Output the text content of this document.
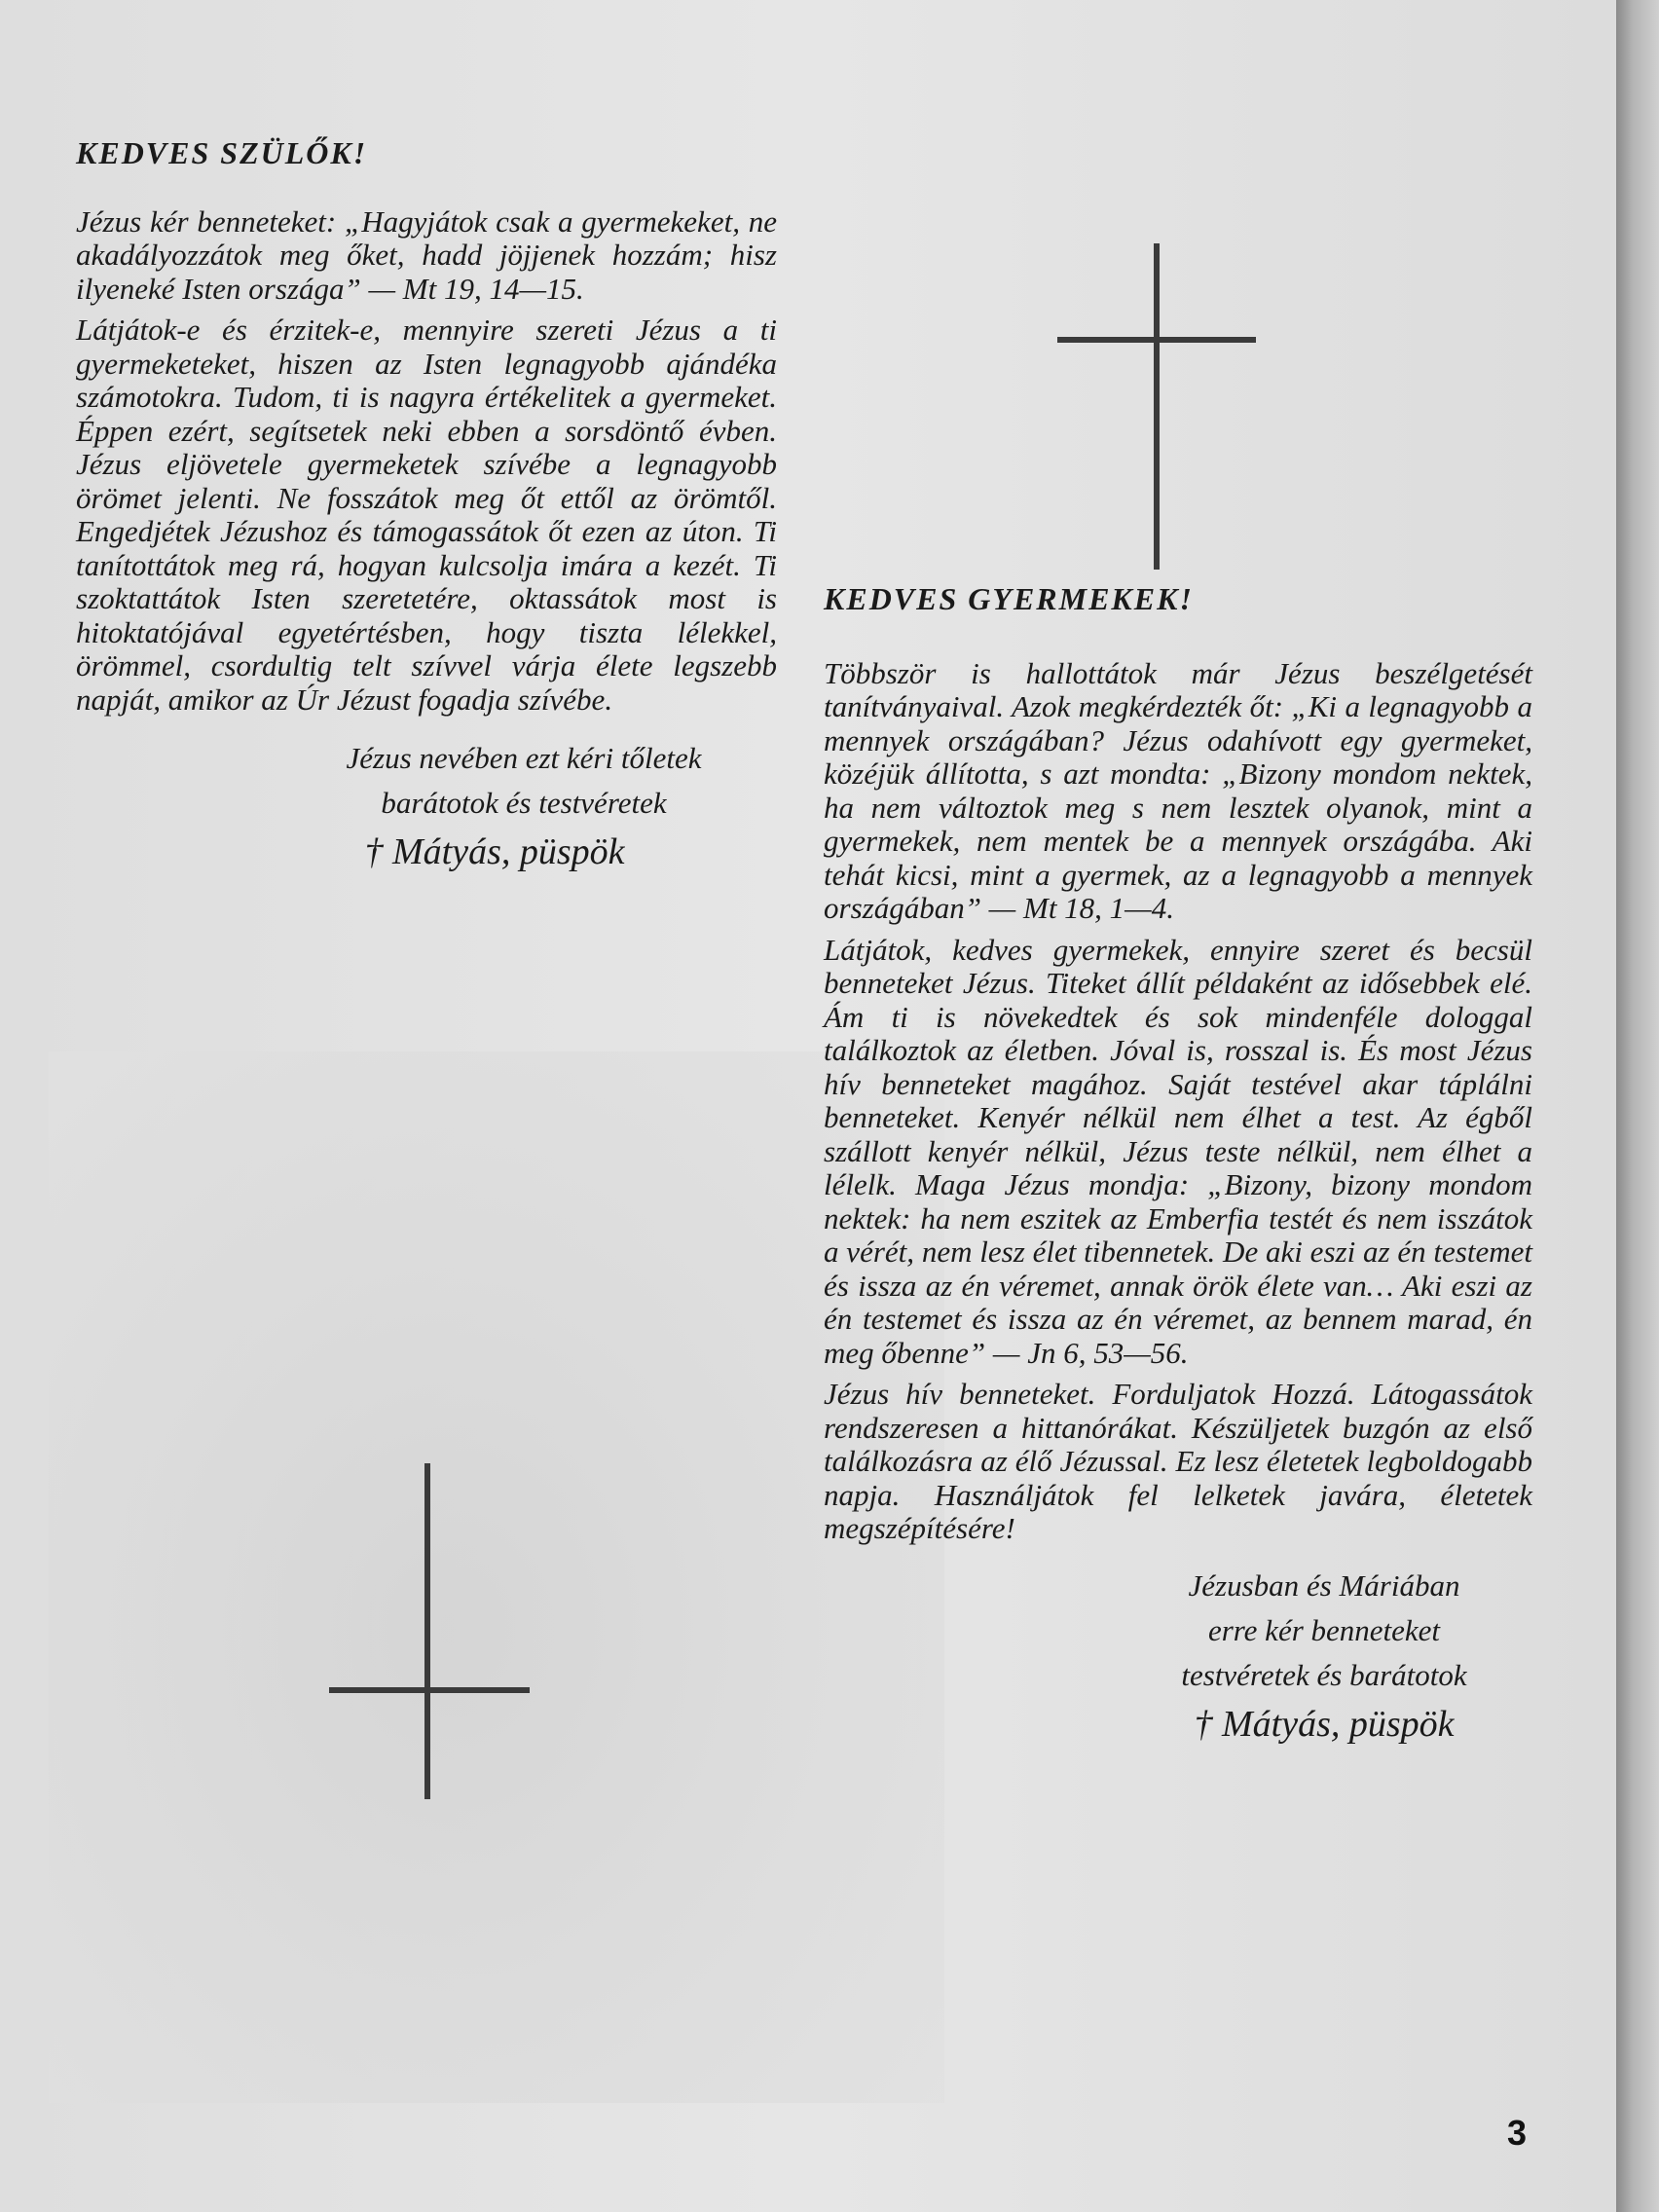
KEDVES SZÜLŐK!

Jézus kér benneteket: „Hagyjátok csak a gyermekeket, ne akadályozzátok meg őket, hadd jöjjenek hozzám; hisz ilyeneké Isten országa” — Mt 19, 14—15.

Látjátok-e és érzitek-e, mennyire szereti Jézus a ti gyermeketeket, hiszen az Isten legnagyobb ajándéka számotokra. Tudom, ti is nagyra értékelitek a gyermeket. Éppen ezért, segítsetek neki ebben a sorsdöntő évben. Jézus eljövetele gyermeketek szívébe a legnagyobb örömet jelenti. Ne fosszátok meg őt ettől az örömtől. Engedjétek Jézushoz és támogassátok őt ezen az úton. Ti tanítottátok meg rá, hogyan kulcsolja imára a kezét. Ti szoktattátok Isten szeretetére, oktassátok most is hitoktatójával egyetértésben, hogy tiszta lélekkel, örömmel, csordultig telt szívvel várja élete legszebb napját, amikor az Úr Jézust fogadja szívébe.

Jézus nevében ezt kéri tőletek

barátotok és testvéretek

† Mátyás, püspök

KEDVES GYERMEKEK!

Többször is hallottátok már Jézus beszélgetését tanítványaival. Azok megkérdezték őt: „Ki a legnagyobb a mennyek országában? Jézus odahívott egy gyermeket, közéjük állította, s azt mondta: „Bizony mondom nektek, ha nem változtok meg s nem lesztek olyanok, mint a gyermekek, nem mentek be a mennyek országába. Aki tehát kicsi, mint a gyermek, az a legnagyobb a mennyek országában” — Mt 18, 1—4.

Látjátok, kedves gyermekek, ennyire szeret és becsül benneteket Jézus. Titeket állít példaként az idősebbek elé. Ám ti is növekedtek és sok mindenféle dologgal találkoztok az életben. Jóval is, rosszal is. És most Jézus hív benneteket magához. Saját testével akar táplálni benneteket. Kenyér nélkül nem élhet a test. Az égből szállott kenyér nélkül, Jézus teste nélkül, nem élhet a lélelk. Maga Jézus mondja: „Bizony, bizony mondom nektek: ha nem eszitek az Emberfia testét és nem isszátok a vérét, nem lesz élet tibennetek. De aki eszi az én testemet és issza az én véremet, annak örök élete van… Aki eszi az én testemet és issza az én véremet, az bennem marad, én meg őbenne” — Jn 6, 53—56.

Jézus hív benneteket. Forduljatok Hozzá. Látogassátok rendszeresen a hittanórákat. Készüljetek buzgón az első találkozásra az élő Jézussal. Ez lesz életetek legboldogabb napja. Használjátok fel lelketek javára, életetek megszépítésére!

Jézusban és Máriában

erre kér benneteket

testvéretek és barátotok

† Mátyás, püspök

3
